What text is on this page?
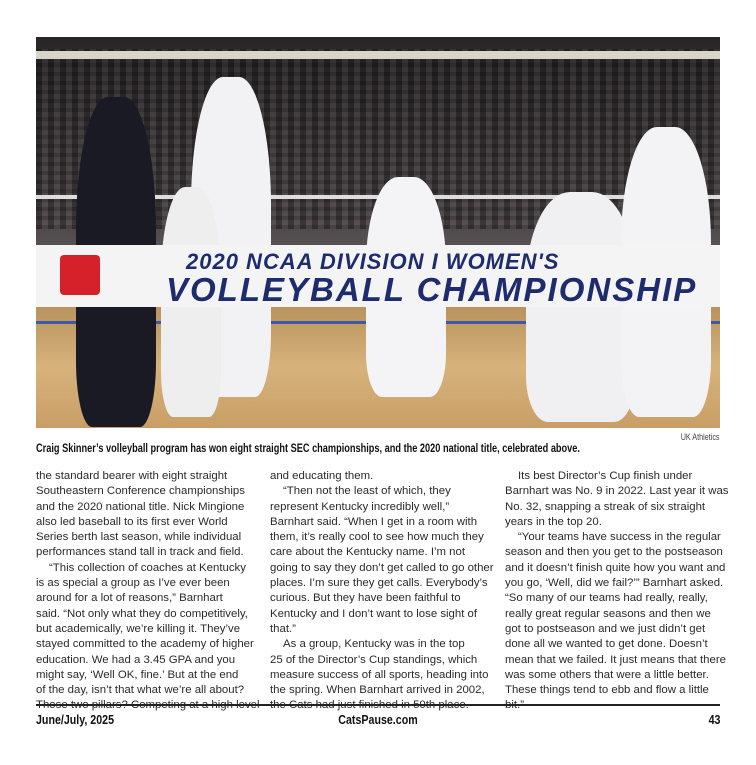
2020 NCAA DIVISION I WOMEN'S
VOLLEYBALL CHAMPIONSHIP
UK Athletics
Craig Skinner’s volleyball program has won eight straight SEC championships, and the 2020 national title, celebrated above.
the standard bearer with eight straight
Southeastern Conference championships
and the 2020 national title. Nick Mingione
also led baseball to its first ever World
Series berth last season, while individual
performances stand tall in track and field.
“This collection of coaches at Kentucky
is as special a group as I’ve ever been
around for a lot of reasons,” Barnhart
said. “Not only what they do competitively,
but academically, we’re killing it. They’ve
stayed committed to the academy of higher
education. We had a 3.45 GPA and you
might say, ‘Well OK, fine.’ But at the end
of the day, isn’t that what we’re all about?
and educating them.
“Then not the least of which, they
represent Kentucky incredibly well,”
Barnhart said. “When I get in a room with
them, it’s really cool to see how much they
care about the Kentucky name. I’m not
going to say they don’t get called to go other
places. I’m sure they get calls. Everybody’s
curious. But they have been faithful to
Kentucky and I don’t want to lose sight of
that.”
As a group, Kentucky was in the top
25 of the Director’s Cup standings, which
measure success of all sports, heading into
the spring. When Barnhart arrived in 2002,
Its best Director’s Cup finish under
Barnhart was No. 9 in 2022. Last year it was
No. 32, snapping a streak of six straight
years in the top 20.
“Your teams have success in the regular
season and then you get to the postseason
and it doesn’t finish quite how you want and
you go, ‘Well, did we fail?’” Barnhart asked.
“So many of our teams had really, really,
really great regular seasons and then we
got to postseason and we just didn’t get
done all we wanted to get done. Doesn’t
mean that we failed. It just means that there
was some others that were a little better.
These things tend to ebb and flow a little
June/July, 2025	CatsPause.com	43
